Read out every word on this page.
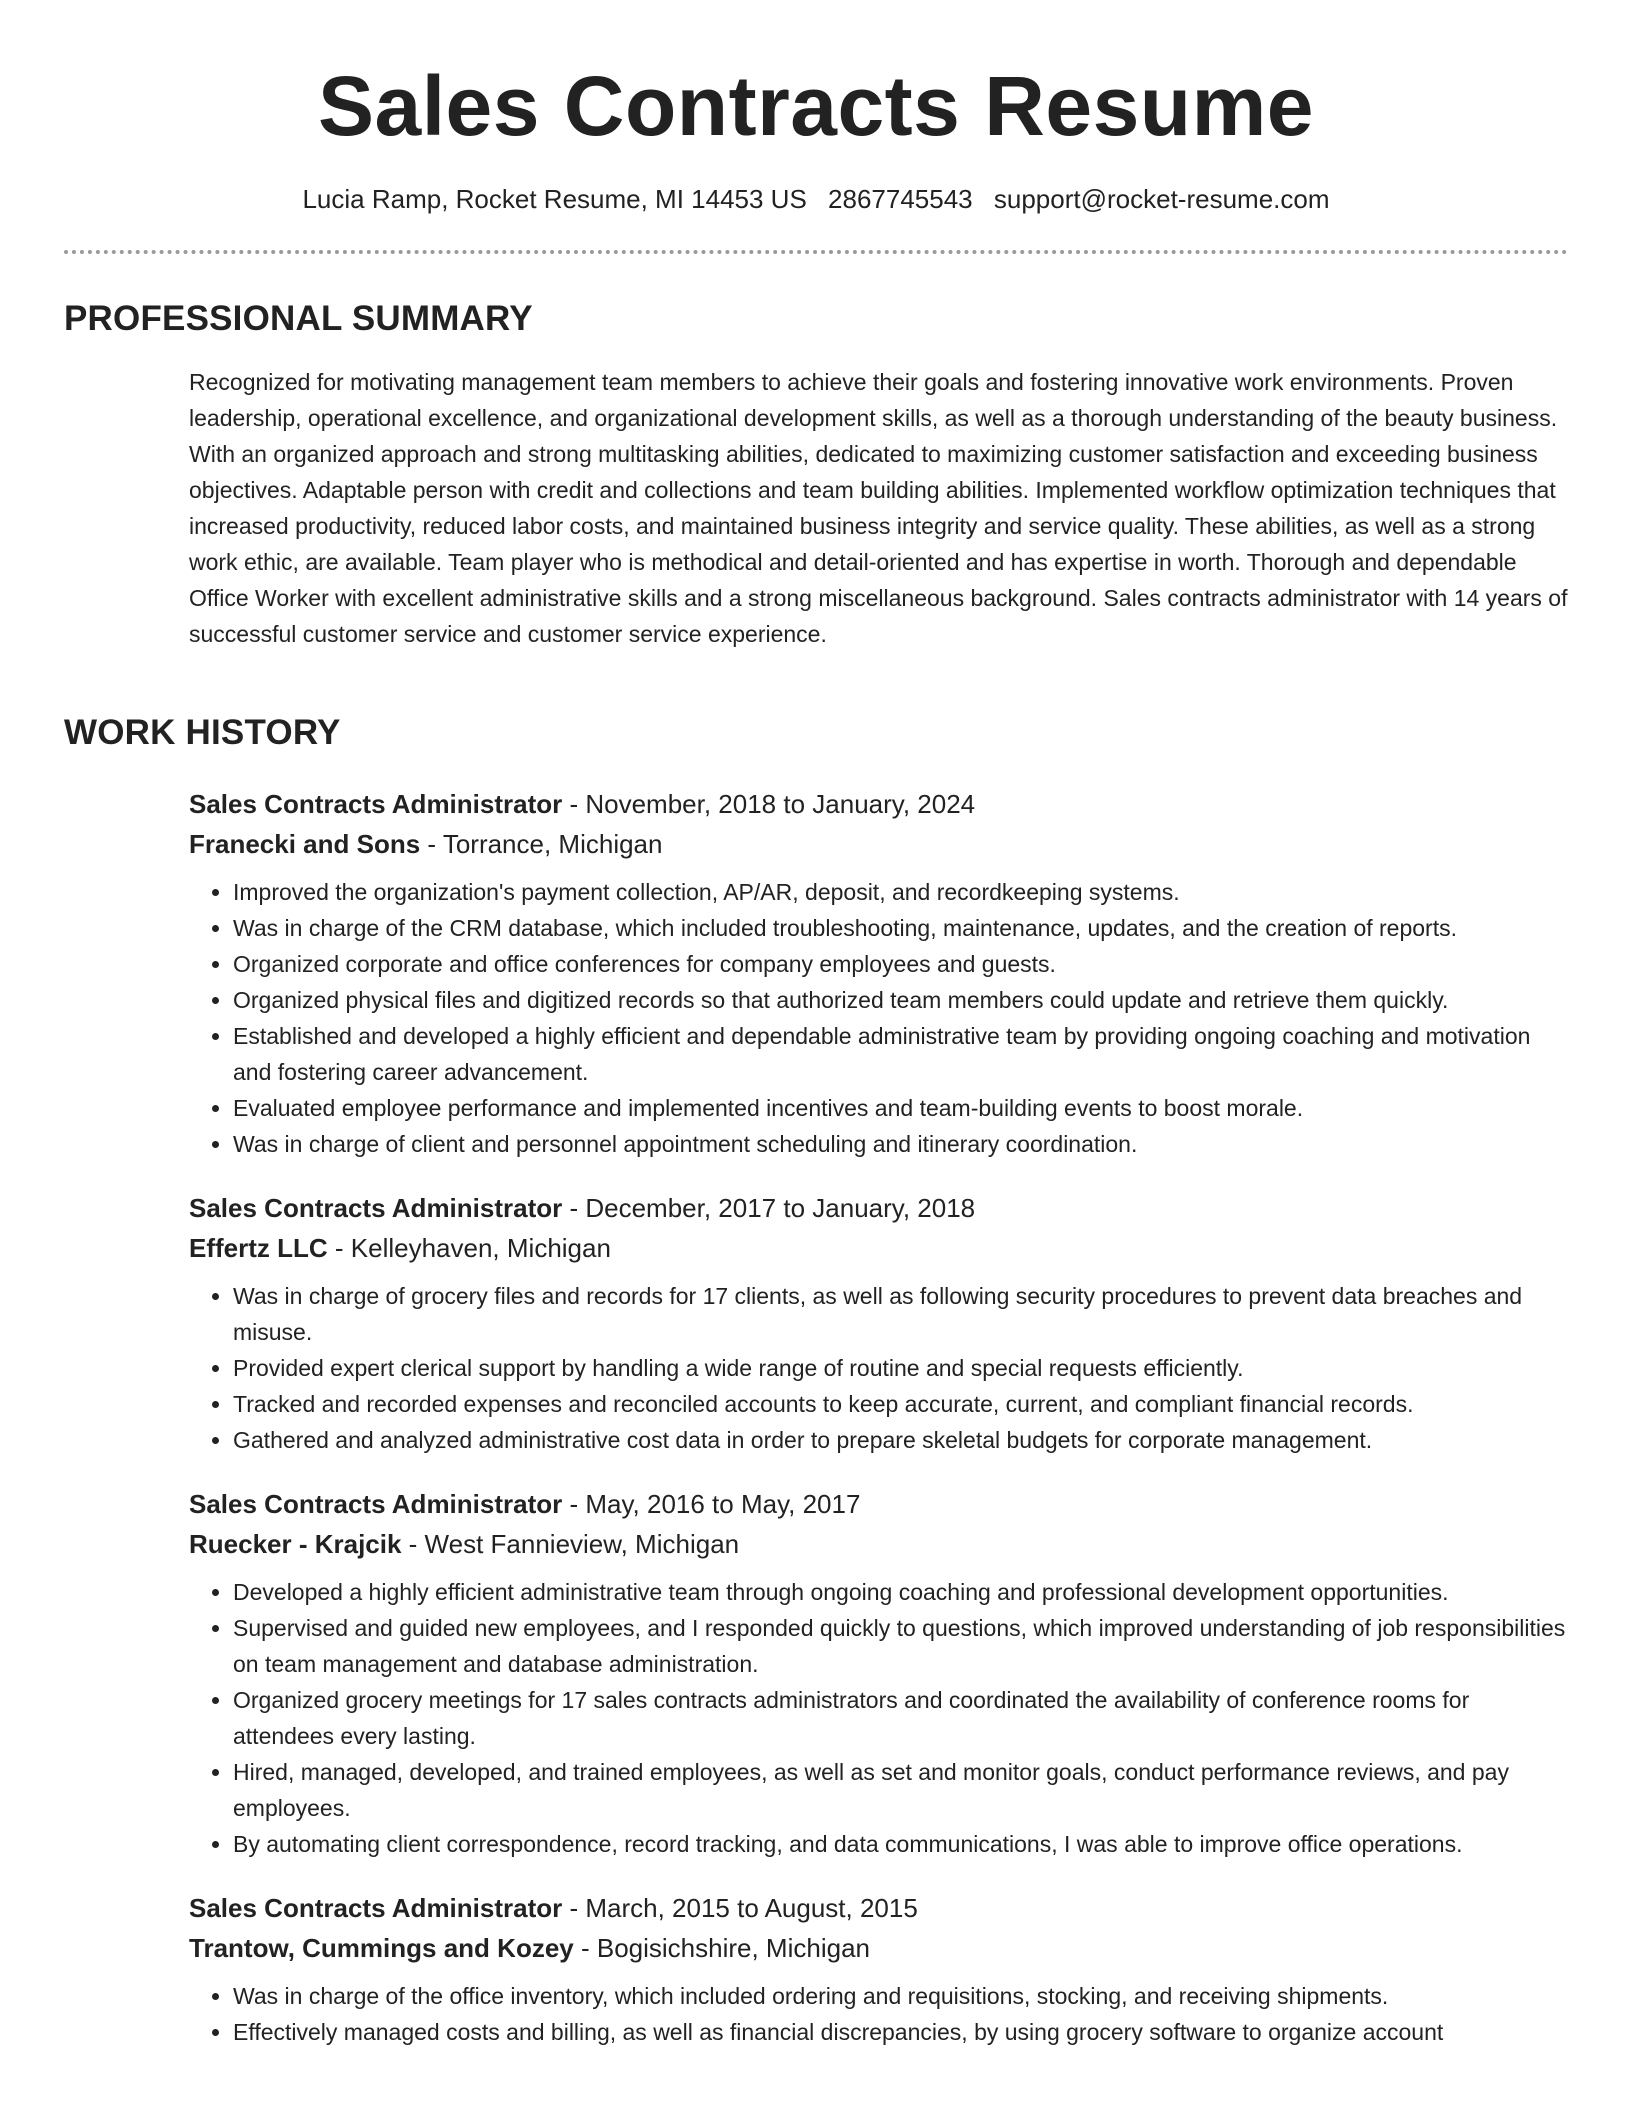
Sales Contracts Resume
Lucia Ramp, Rocket Resume, MI 14453 US 2867745543 support@rocket-resume.com
PROFESSIONAL SUMMARY

Recognized for motivating management team members to achieve their goals and fostering innovative work environments. Proven leadership, operational excellence, and organizational development skills, as well as a thorough understanding of the beauty business. With an organized approach and strong multitasking abilities, dedicated to maximizing customer satisfaction and exceeding business objectives. Adaptable person with credit and collections and team building abilities. Implemented workflow optimization techniques that increased productivity, reduced labor costs, and maintained business integrity and service quality. These abilities, as well as a strong work ethic, are available. Team player who is methodical and detail-oriented and has expertise in worth. Thorough and dependable Office Worker with excellent administrative skills and a strong miscellaneous background. Sales contracts administrator with 14 years of successful customer service and customer service experience.

WORK HISTORY
Sales Contracts Administrator - November, 2018 to January, 2024
Franecki and Sons - Torrance, Michigan
• Improved the organization's payment collection, AP/AR, deposit, and recordkeeping systems.
• Was in charge of the CRM database, which included troubleshooting, maintenance, updates, and the creation of reports.
• Organized corporate and office conferences for company employees and guests.
• Organized physical files and digitized records so that authorized team members could update and retrieve them quickly.
• Established and developed a highly efficient and dependable administrative team by providing ongoing coaching and motivation and fostering career advancement.
• Evaluated employee performance and implemented incentives and team-building events to boost morale.
• Was in charge of client and personnel appointment scheduling and itinerary coordination.
Sales Contracts Administrator - December, 2017 to January, 2018
Effertz LLC - Kelleyhaven, Michigan
• Was in charge of grocery files and records for 17 clients, as well as following security procedures to prevent data breaches and misuse.
• Provided expert clerical support by handling a wide range of routine and special requests efficiently.
• Tracked and recorded expenses and reconciled accounts to keep accurate, current, and compliant financial records.
• Gathered and analyzed administrative cost data in order to prepare skeletal budgets for corporate management.
Sales Contracts Administrator - May, 2016 to May, 2017
Ruecker - Krajcik - West Fannieview, Michigan
• Developed a highly efficient administrative team through ongoing coaching and professional development opportunities.
• Supervised and guided new employees, and I responded quickly to questions, which improved understanding of job responsibilities on team management and database administration.
• Organized grocery meetings for 17 sales contracts administrators and coordinated the availability of conference rooms for attendees every lasting.
• Hired, managed, developed, and trained employees, as well as set and monitor goals, conduct performance reviews, and pay employees.
• By automating client correspondence, record tracking, and data communications, I was able to improve office operations.
Sales Contracts Administrator - March, 2015 to August, 2015
Trantow, Cummings and Kozey - Bogisichshire, Michigan
• Was in charge of the office inventory, which included ordering and requisitions, stocking, and receiving shipments.
• Effectively managed costs and billing, as well as financial discrepancies, by using grocery software to organize account
